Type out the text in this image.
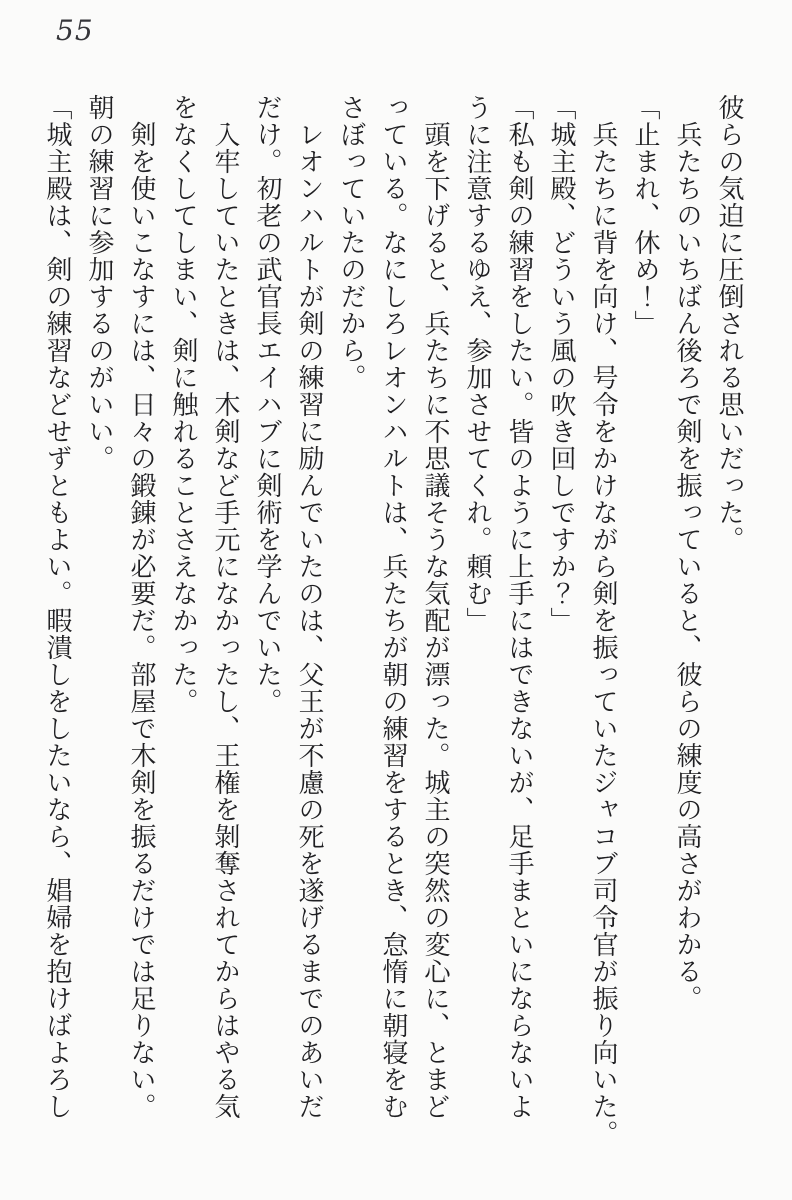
55
彼らの気迫に圧倒される思いだった。
兵たちのいちばん後ろで剣を振っていると、彼らの練度の高さがわかる。
「止まれ、休め！」
兵たちに背を向け、号令をかけながら剣を振っていたジャコブ司令官が振り向いた。
「城主殿、どういう風の吹き回しですか？」
「私も剣の練習をしたい。皆のように上手にはできないが、足手まといにならないよ
うに注意するゆえ、参加させてくれ。頼む」
頭を下げると、兵たちに不思議そうな気配が漂った。城主の突然の変心に、とまど
っている。なにしろレオンハルトは、兵たちが朝の練習をするとき、怠惰に朝寝をむ
さぼっていたのだから。
レオンハルトが剣の練習に励んでいたのは、父王が不慮の死を遂げるまでのあいだ
だけ。初老の武官長エイハブに剣術を学んでいた。
入牢していたときは、木剣など手元になかったし、王権を剝奪されてからはやる気
をなくしてしまい、剣に触れることさえなかった。
剣を使いこなすには、日々の鍛錬が必要だ。部屋で木剣を振るだけでは足りない。
朝の練習に参加するのがいい。
「城主殿は、剣の練習などせずともよい。暇潰しをしたいなら、娼婦を抱けばよろし
